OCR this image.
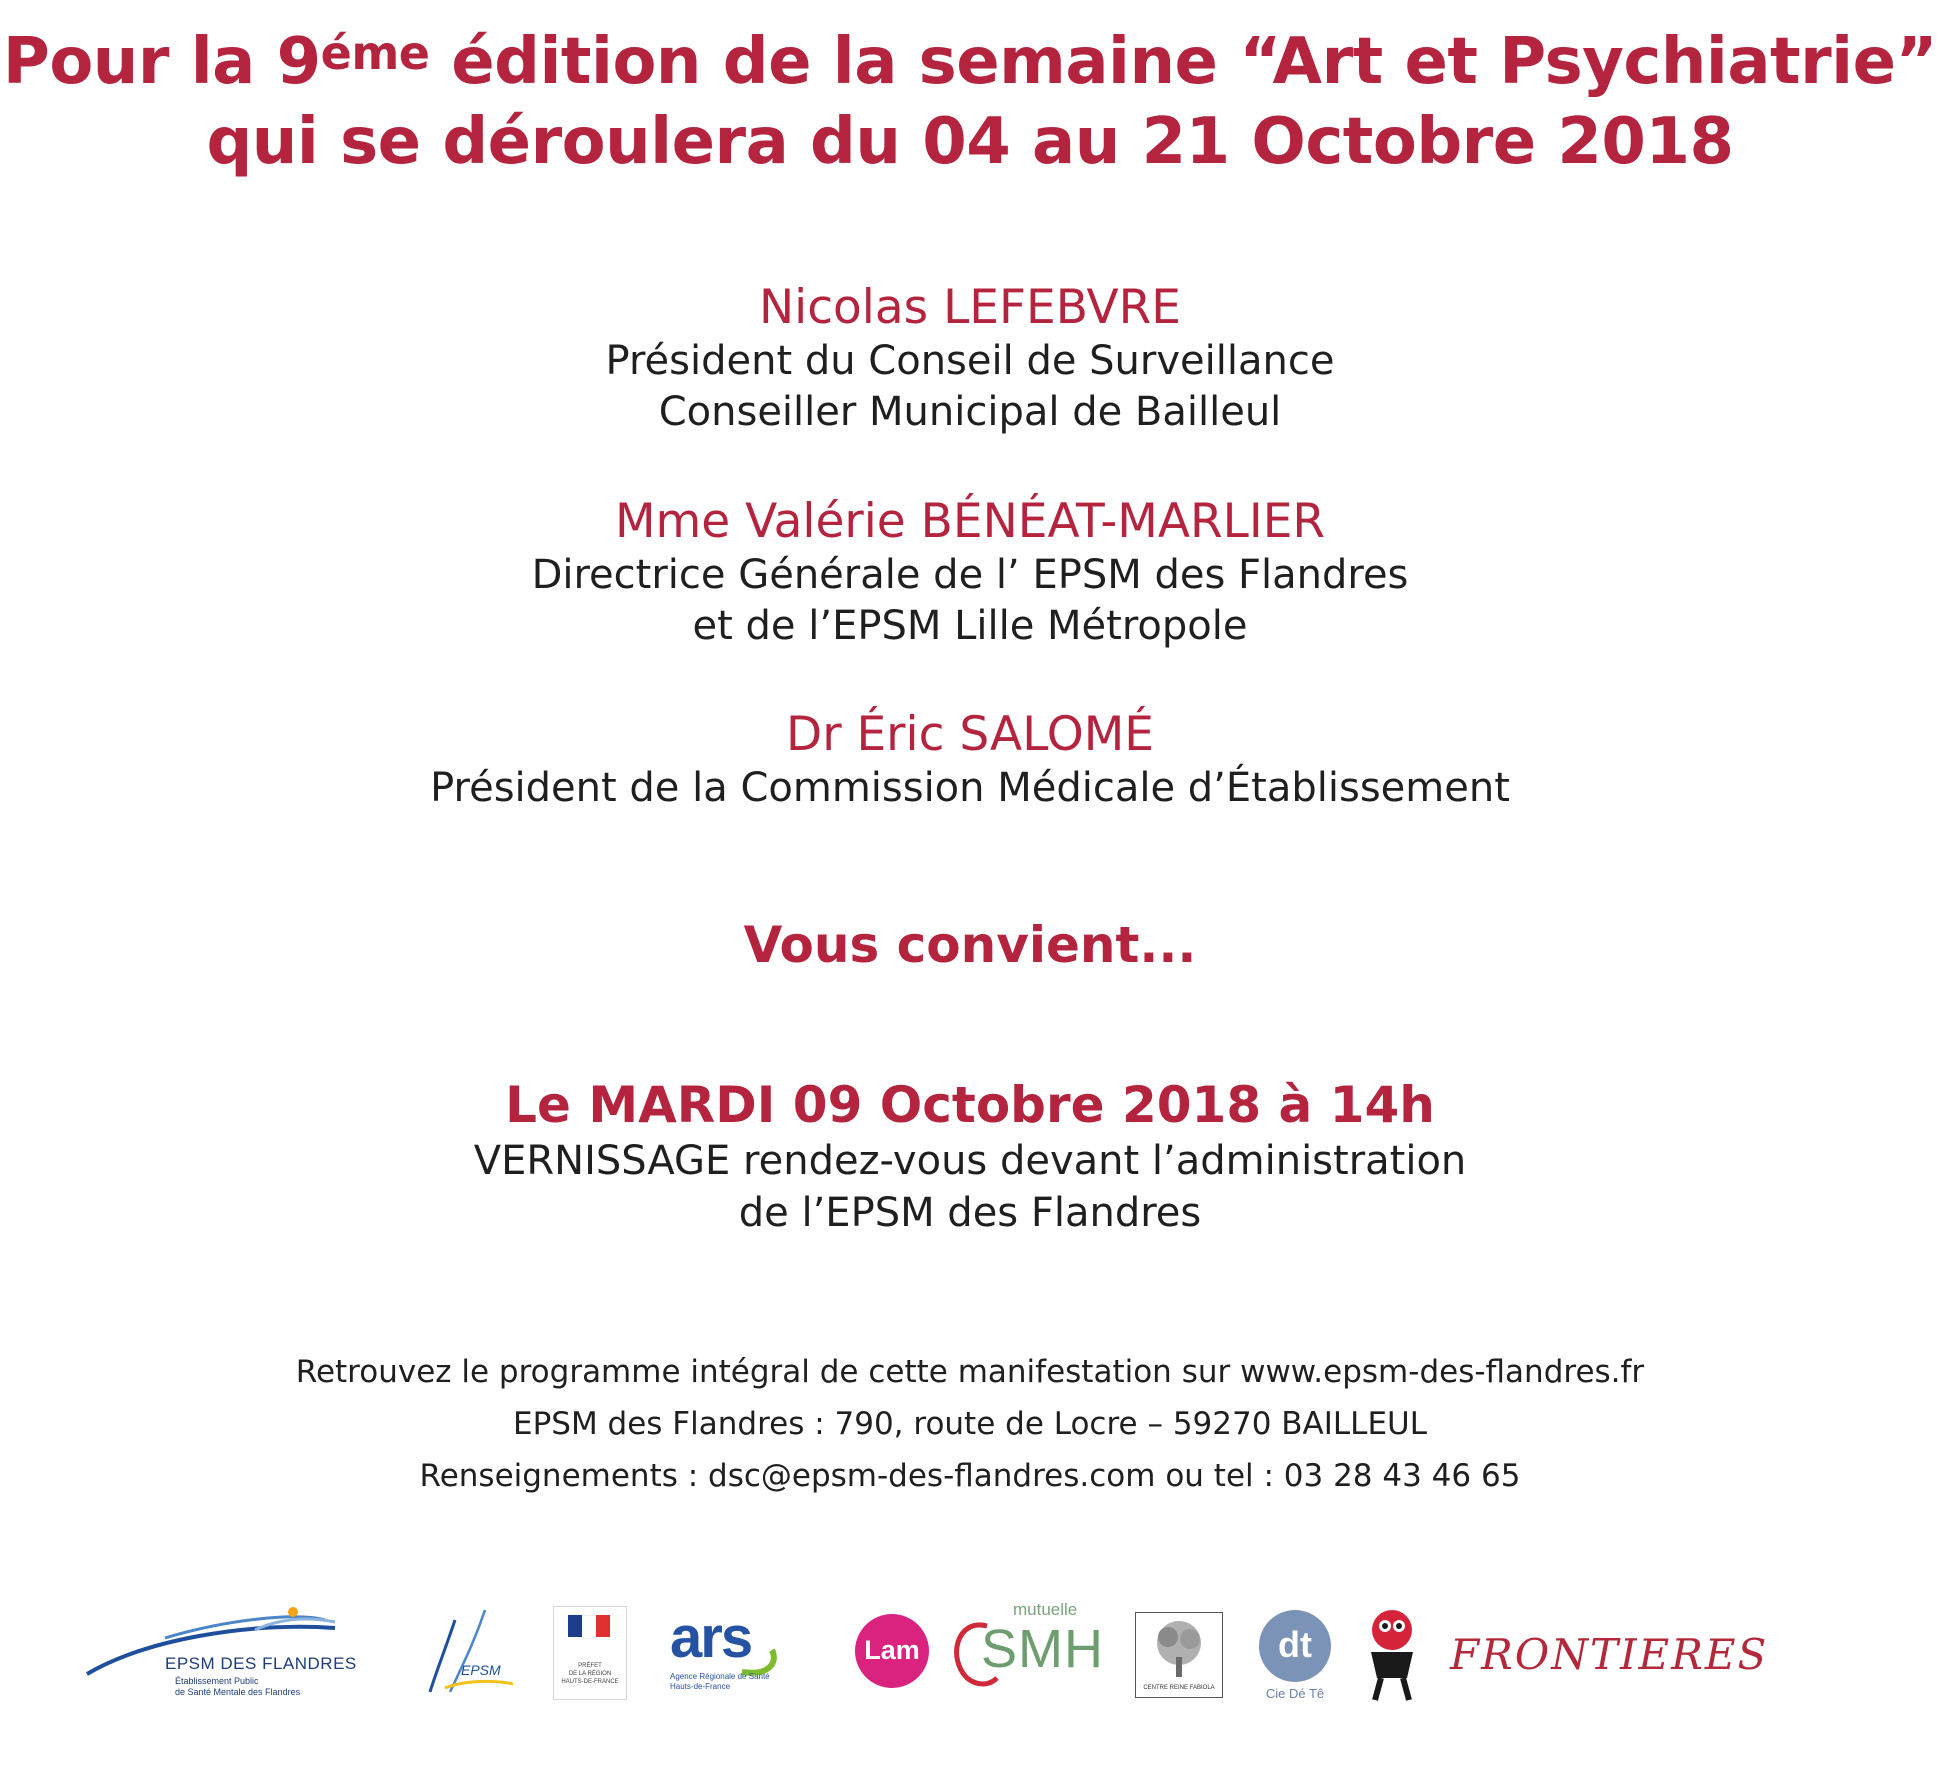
Pour la $9^{éme}$ édition de la semaine “Art et Psychiatrie”
qui se déroulera du 04 au 21 Octobre 2018
Nicolas LEFEBVRE
Président du Conseil de Surveillance
Conseiller Municipal de Bailleul
Mme Valérie BÉNÉAT-MARLIER
Directrice Générale de l’ EPSM des Flandres
et de l’EPSM Lille Métropole
Dr Éric SALOMÉ
Président de la Commission Médicale d’Établissement
Vous convient...
Le MARDI 09 Octobre 2018 à 14h
VERNISSAGE rendez-vous devant l’administration
de l’EPSM des Flandres
Retrouvez le programme intégral de cette manifestation sur www.epsm-des-flandres.fr
EPSM des Flandres : 790, route de Locre – 59270 BAILLEUL
Renseignements : dsc@epsm-des-flandres.com ou tel : 03 28 43 46 65
EPSM DES FLANDRES
Établissement Public
de Santé Mentale des Flandres
EPSM	PRÉFET
DE LA RÉGION
HAUTS-DE-FRANCE
ars
Agence Régionale de Santé
Hauts-de-France
Lam
mutuelle
SMH
CENTRE REINE FABIOLA
dt
Cie Dé Tê
FRONTIERES
